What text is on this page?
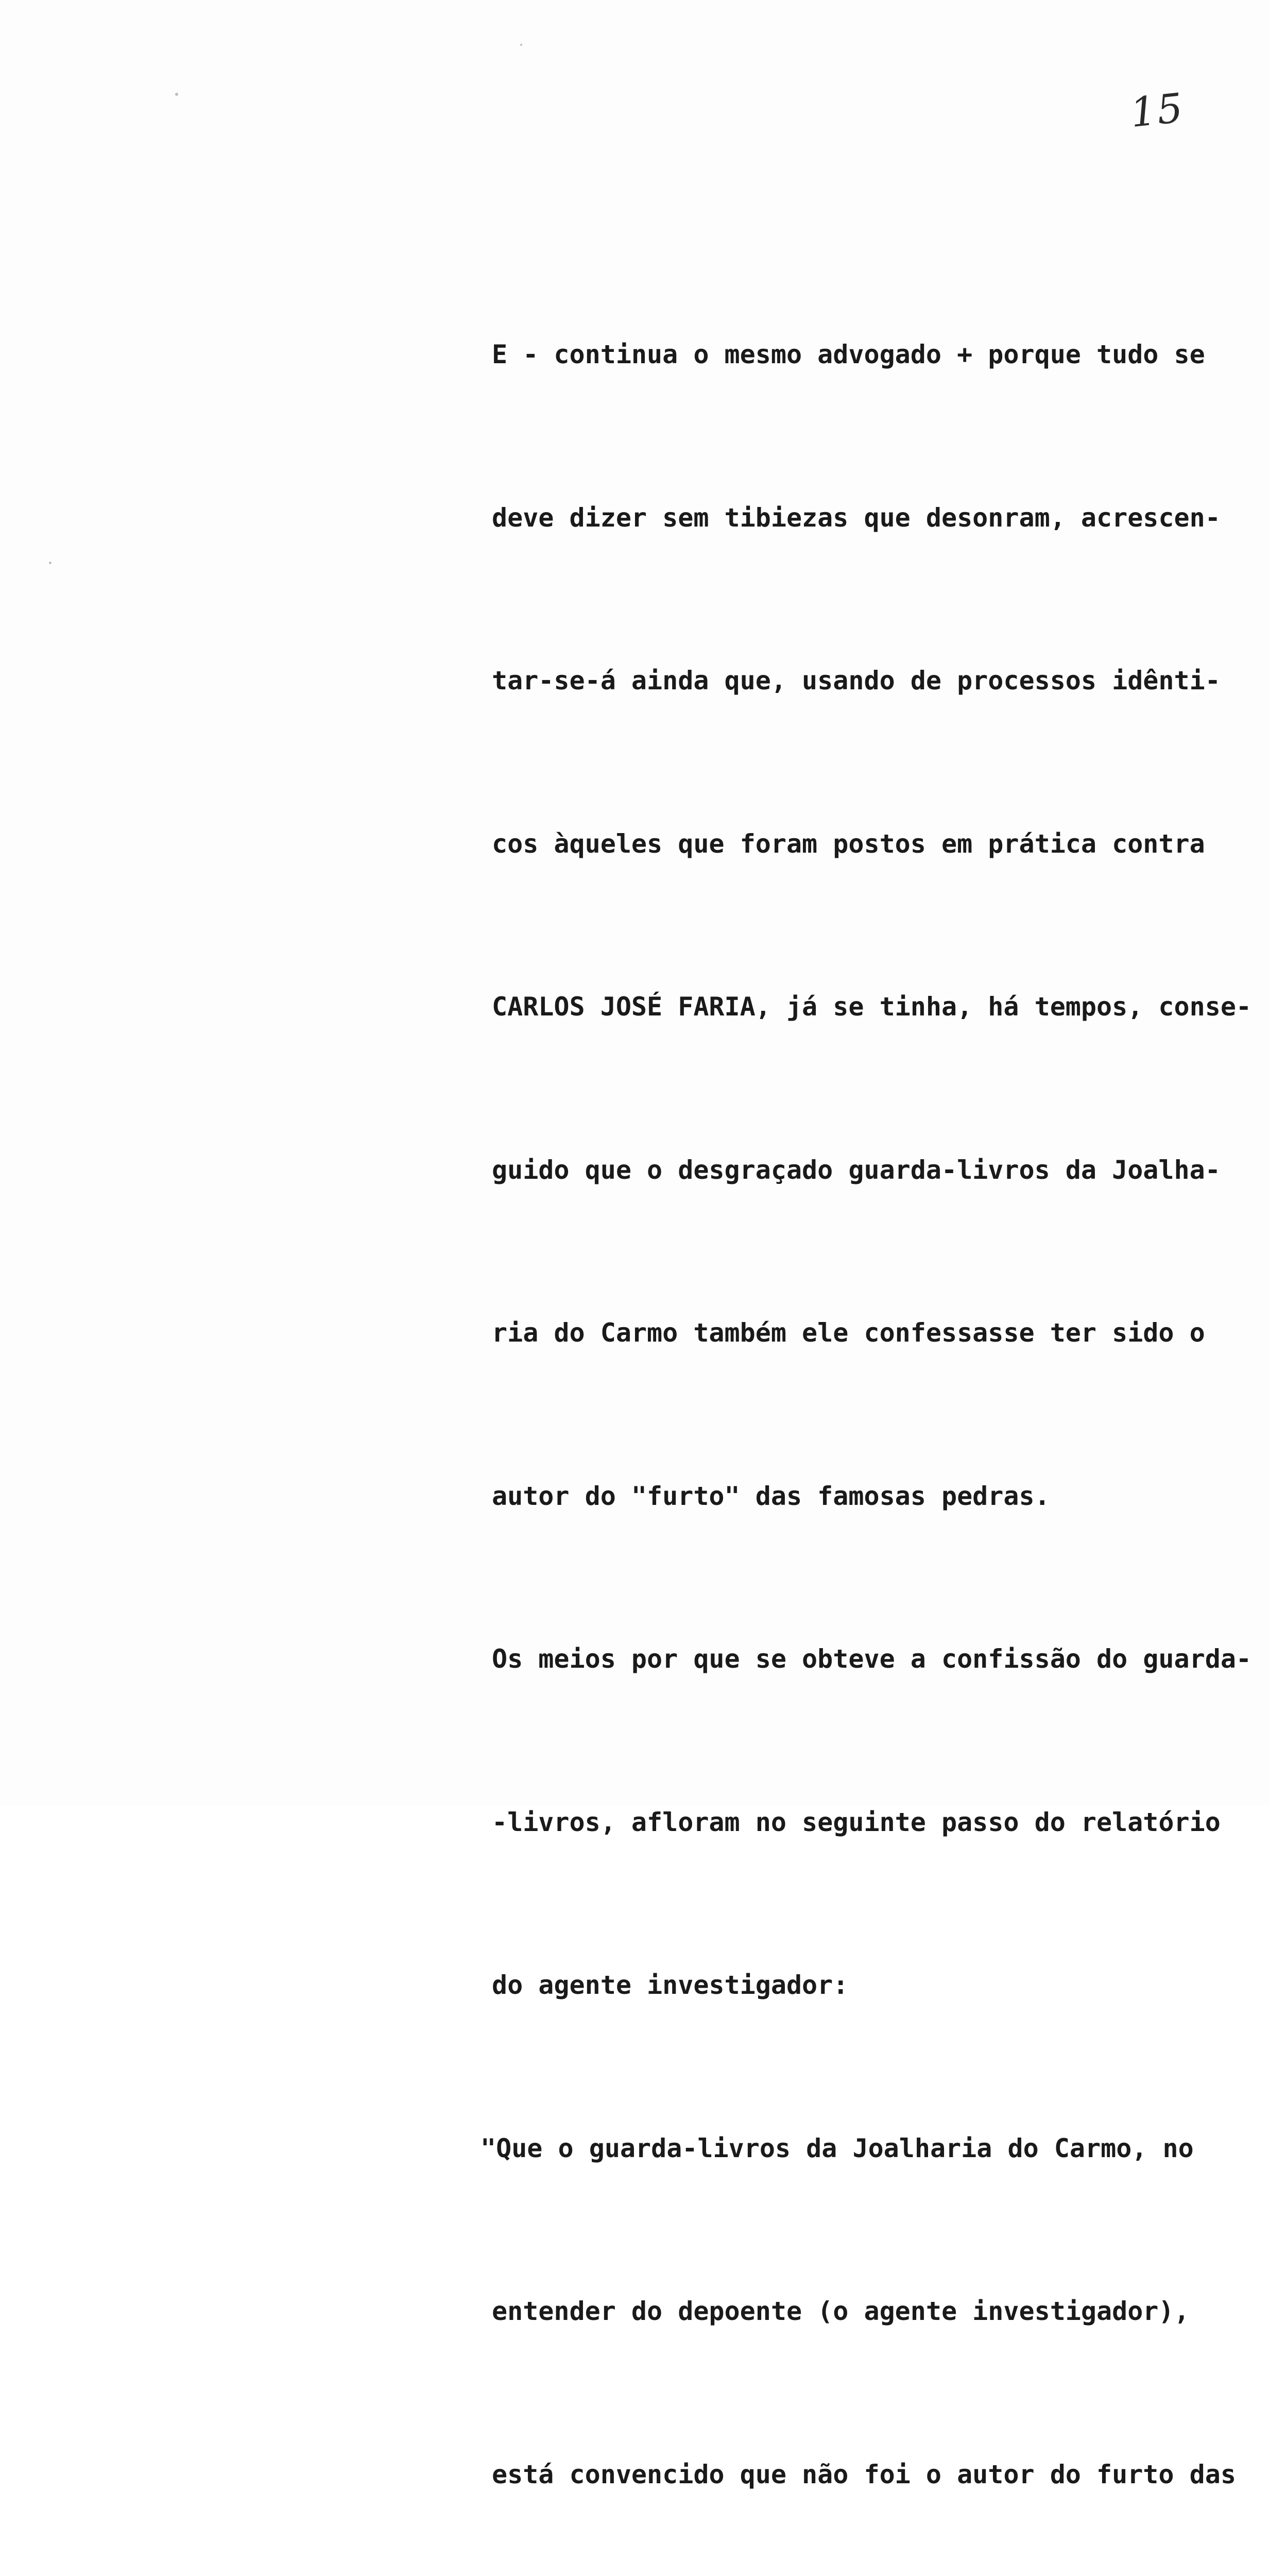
15

E - continua o mesmo advogado + porque tudo se

deve dizer sem tibiezas que desonram, acrescen-

tar-se-á ainda que, usando de processos idênti-

cos àqueles que foram postos em prática contra

CARLOS JOSÉ FARIA, já se tinha, há tempos, conse-

guido que o desgraçado guarda-livros da Joalha-

ria do Carmo também ele confessasse ter sido o

autor do "furto" das famosas pedras.

Os meios por que se obteve a confissão do guarda-

-livros, afloram no seguinte passo do relatório

do agente investigador:

"Que o guarda-livros da Joalharia do Carmo, no

entender do depoente (o agente investigador),

está convencido que não foi o autor do furto das
